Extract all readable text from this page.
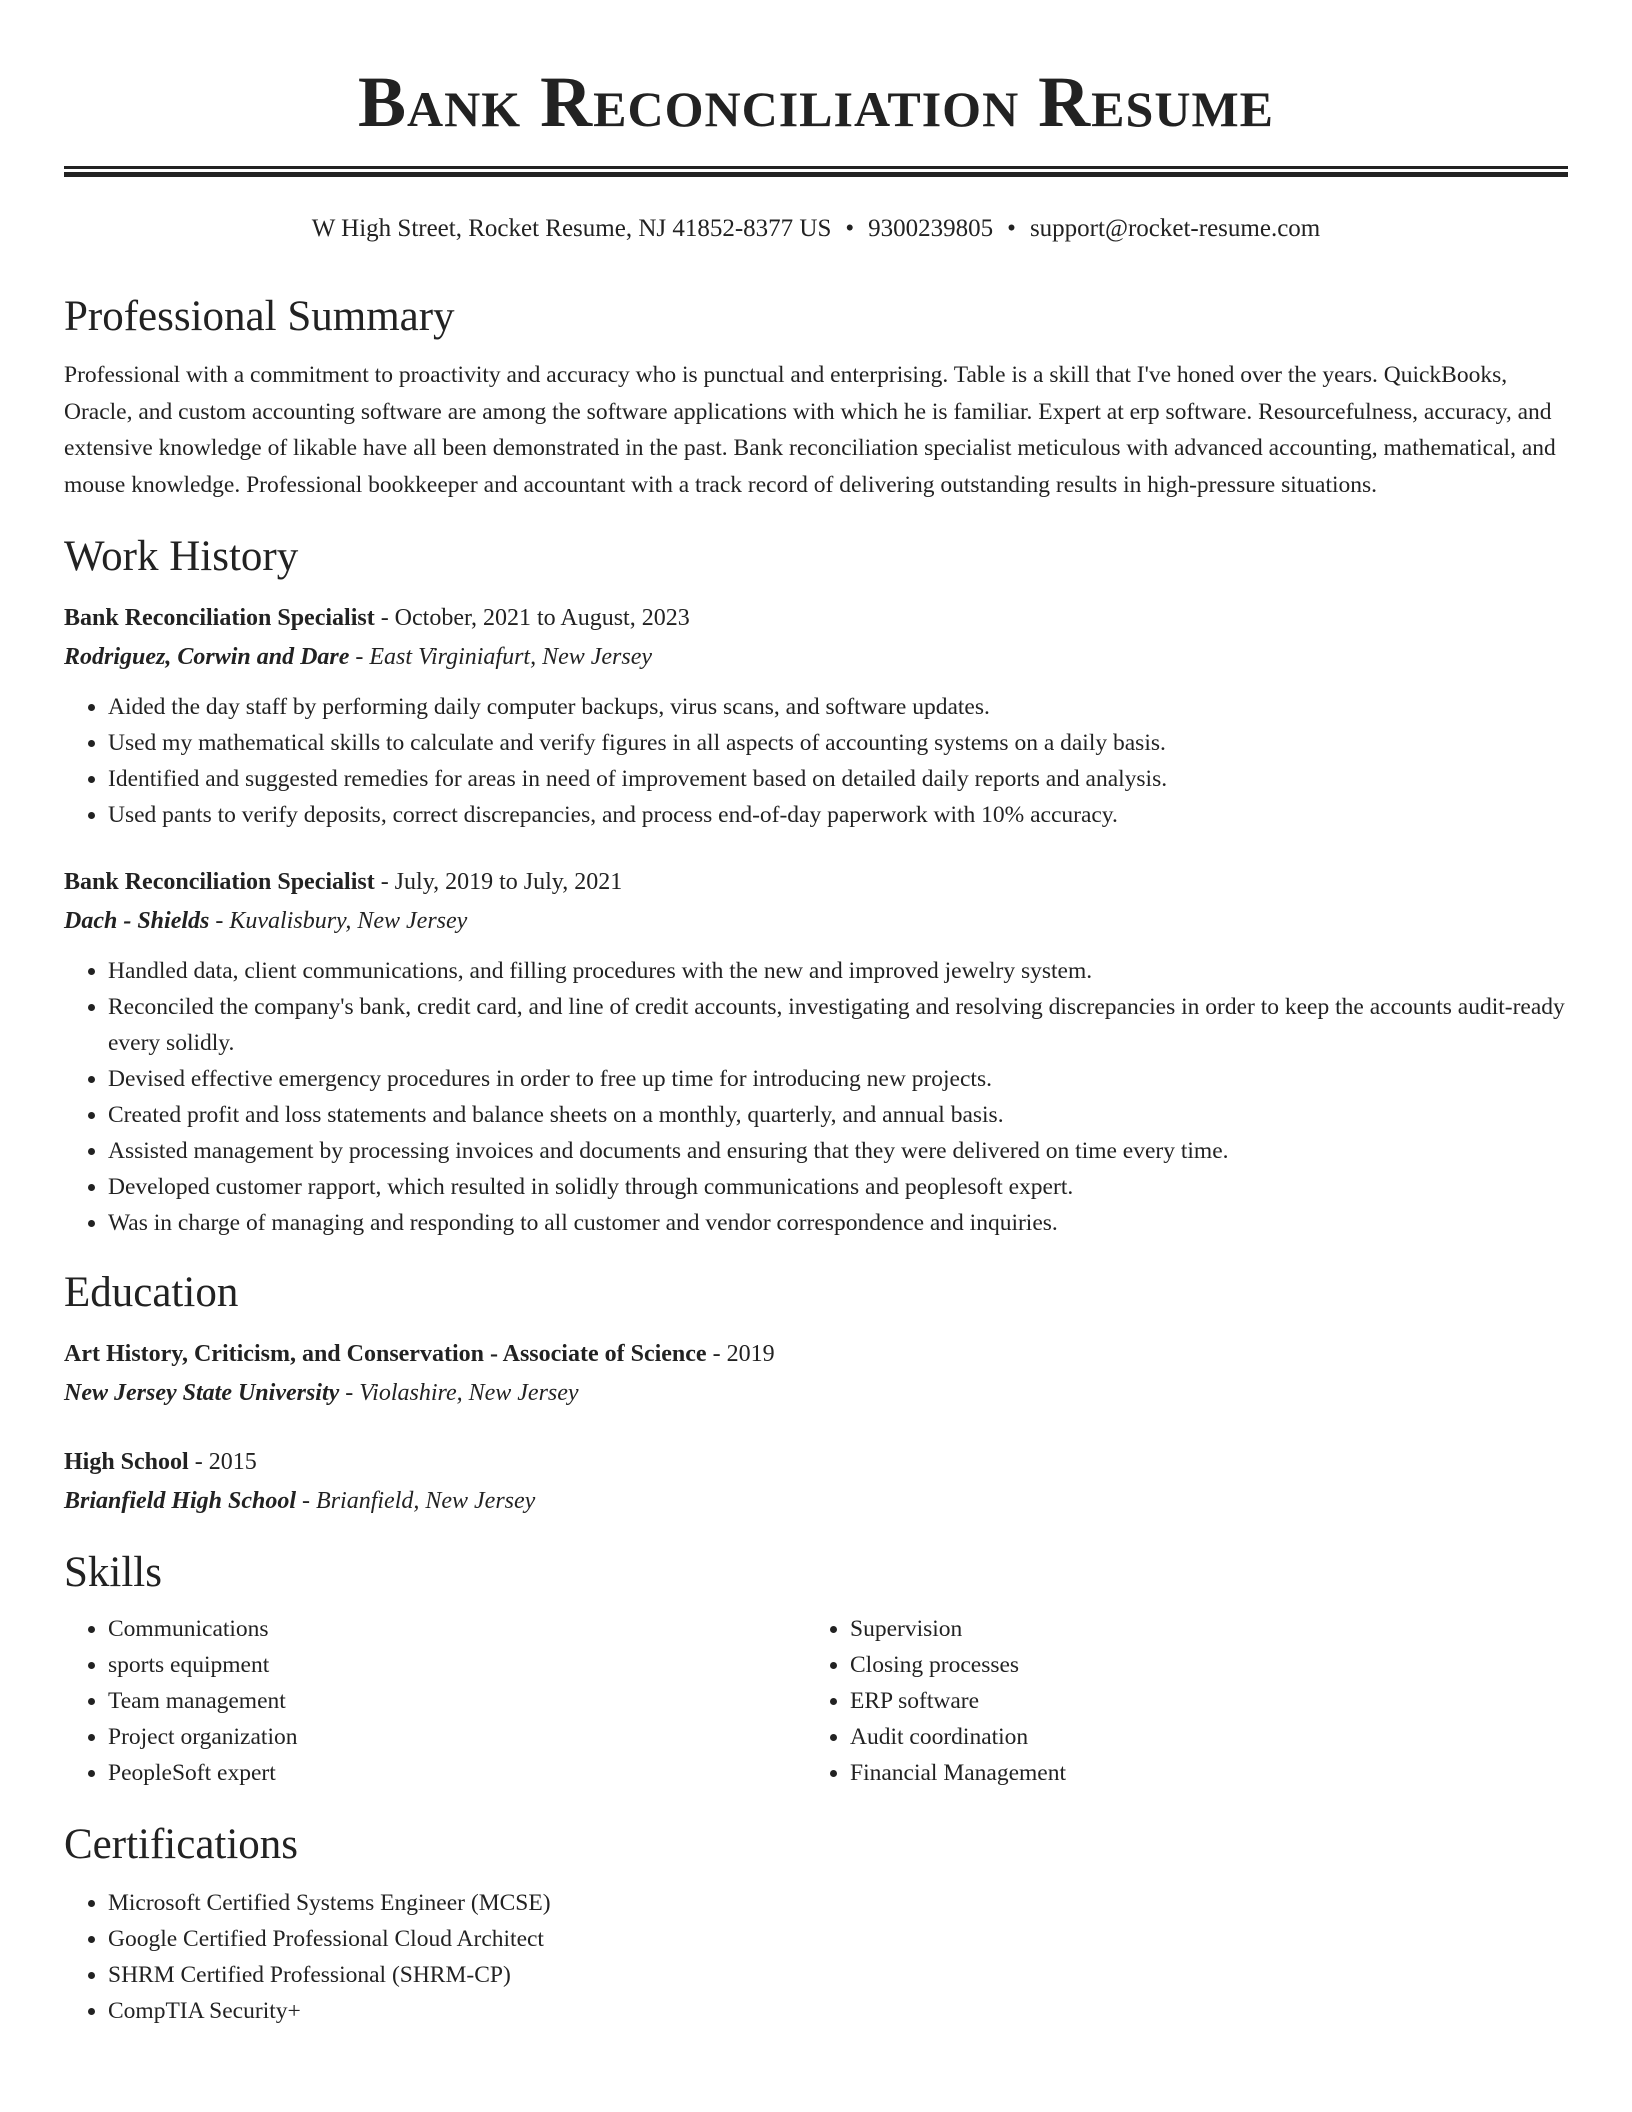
Bank Reconciliation Resume
W High Street, Rocket Resume, NJ 41852-8377 US • 9300239805 • support@rocket-resume.com
Professional Summary

Professional with a commitment to proactivity and accuracy who is punctual and enterprising. Table is a skill that I've honed over the years. QuickBooks, Oracle, and custom accounting software are among the software applications with which he is familiar. Expert at erp software. Resourcefulness, accuracy, and extensive knowledge of likable have all been demonstrated in the past. Bank reconciliation specialist meticulous with advanced accounting, mathematical, and mouse knowledge. Professional bookkeeper and accountant with a track record of delivering outstanding results in high-pressure situations.

Work History
Bank Reconciliation Specialist - October, 2021 to August, 2023
Rodriguez, Corwin and Dare - East Virginiafurt, New Jersey
• Aided the day staff by performing daily computer backups, virus scans, and software updates.
• Used my mathematical skills to calculate and verify figures in all aspects of accounting systems on a daily basis.
• Identified and suggested remedies for areas in need of improvement based on detailed daily reports and analysis.
• Used pants to verify deposits, correct discrepancies, and process end-of-day paperwork with 10% accuracy.
Bank Reconciliation Specialist - July, 2019 to July, 2021
Dach - Shields - Kuvalisbury, New Jersey
• Handled data, client communications, and filling procedures with the new and improved jewelry system.
• Reconciled the company's bank, credit card, and line of credit accounts, investigating and resolving discrepancies in order to keep the accounts audit-ready every solidly.
• Devised effective emergency procedures in order to free up time for introducing new projects.
• Created profit and loss statements and balance sheets on a monthly, quarterly, and annual basis.
• Assisted management by processing invoices and documents and ensuring that they were delivered on time every time.
• Developed customer rapport, which resulted in solidly through communications and peoplesoft expert.
• Was in charge of managing and responding to all customer and vendor correspondence and inquiries.
Education
Art History, Criticism, and Conservation - Associate of Science - 2019
New Jersey State University - Violashire, New Jersey
High School - 2015
Brianfield High School - Brianfield, New Jersey
Skills
• Communications
• sports equipment
• Team management
• Project organization
• PeopleSoft expert
• Supervision
• Closing processes
• ERP software
• Audit coordination
• Financial Management
Certifications
• Microsoft Certified Systems Engineer (MCSE)
• Google Certified Professional Cloud Architect
• SHRM Certified Professional (SHRM-CP)
• CompTIA Security+
